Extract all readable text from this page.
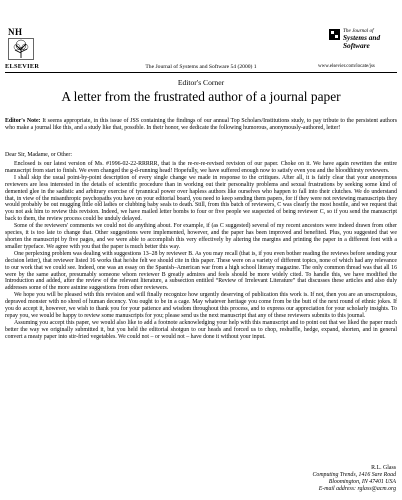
NH
ELSEVIER	The Journal of Systems and Software 54 (2000) 1
The Journal of
Systems and
Software
www.elsevier.com/locate/jss
Editor's Corner
A letter from the frustrated author of a journal paper
Editor's Note: It seems appropriate, in this issue of JSS containing the findings of our annual Top Scholars/Institutions study, to pay tribute to the persistent authors who make a journal like this, and a study like that, possible. In their honor, we dedicate the following humorous, anonymously-authored, letter!
Dear Sir, Madame, or Other:

Enclosed is our latest version of Ms. #1996-02-22-RRRRR, that is the re-re-re-revised revision of our paper. Choke on it. We have again rewritten the entire manuscript from start to finish. We even changed the g-d-running head! Hopefully, we have suffered enough now to satisfy even you and the bloodthirsty reviewers.

I shall skip the usual point-by-point description of every single change we made in response to the critiques. After all, it is fairly clear that your anonymous reviewers are less interested in the details of scientific procedure than in working out their personality problems and sexual frustrations by seeking some kind of demented glee in the sadistic and arbitrary exercise of tyrannical power over hapless authors like ourselves who happen to fall into their clutches. We do understand that, in view of the misanthropic psychopaths you have on your editorial board, you need to keep sending them papers, for if they were not reviewing manuscripts they would probably be out mugging little old ladies or clubbing baby seals to death. Still, from this batch of reviewers, C was clearly the most hostile, and we request that you not ask him to review this revision. Indeed, we have mailed letter bombs to four or five people we suspected of being reviewer C, so if you send the manuscript back to them, the review process could be unduly delayed.

Some of the reviewers' comments we could not do anything about. For example, if (as C suggested) several of my recent ancestors were indeed drawn from other species, it is too late to change that. Other suggestions were implemented, however, and the paper has been improved and benefited. Plus, you suggested that we shorten the manuscript by five pages, and we were able to accomplish this very effectively by altering the margins and printing the paper in a different font with a smaller typeface. We agree with you that the paper is much better this way.

One perplexing problem was dealing with suggestions 13–28 by reviewer B. As you may recall (that is, if you even bother reading the reviews before sending your decision letter), that reviewer listed 16 works that he/she felt we should cite in this paper. These were on a variety of different topics, none of which had any relevance to our work that we could see. Indeed, one was an essay on the Spanish–American war from a high school literary magazine. The only common thread was that all 16 were by the same author, presumably someone whom reviewer B greatly admires and feels should be more widely cited. To handle this, we have modified the Introduction and added, after the review of the relevant literature, a subsection entitled “Review of Irrelevant Literature” that discusses these articles and also duly addresses some of the more asinine suggestions from other reviewers.

We hope you will be pleased with this revision and will finally recognize how urgently deserving of publication this work is. If not, then you are an unscrupulous, depraved monster with no shred of human decency. You ought to be in a cage. May whatever heritage you come from be the butt of the next round of ethnic jokes. If you do accept it, however, we wish to thank you for your patience and wisdom throughout this process, and to express our appreciation for your scholarly insights. To repay you, we would be happy to review some manuscripts for you; please send us the next manuscript that any of these reviewers submits to this journal.

Assuming you accept this paper, we would also like to add a footnote acknowledging your help with this manuscript and to point out that we liked the paper much better the way we originally submitted it, but you held the editorial shotgun to our heads and forced us to chop, reshuffle, hedge, expand, shorten, and in general convert a meaty paper into stir-fried vegetables. We could not – or would not – have done it without your input.

R.L. Glass
Computing Trends, 1416 Sare Road
Bloomington, IN 47401 USA
E-mail address: rglass@acm.org
